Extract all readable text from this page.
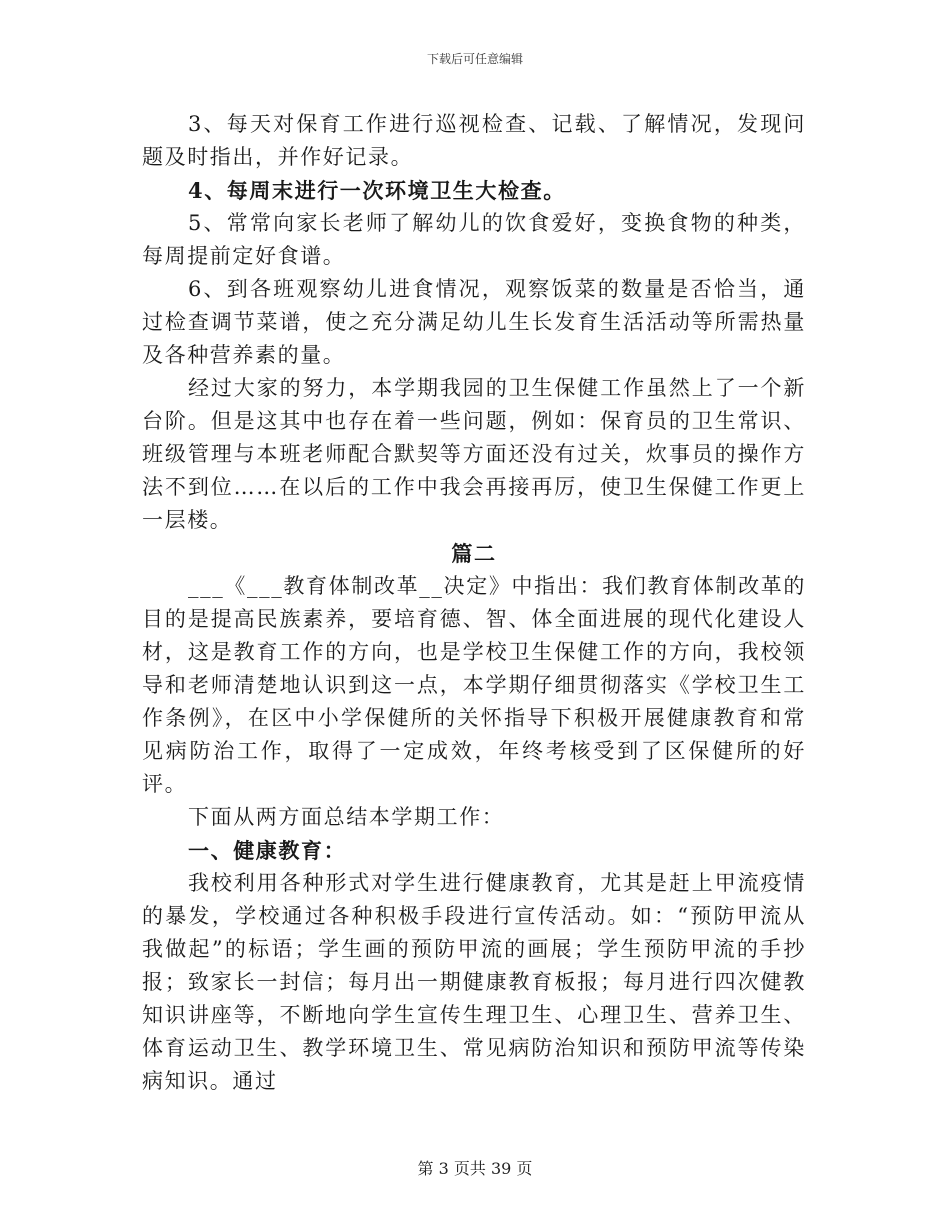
下载后可任意编辑

3、每天对保育工作进行巡视检查、记载、了解情况，发现问题及时指出，并作好记录。

4、每周末进行一次环境卫生大检查。

5、常常向家长老师了解幼儿的饮食爱好，变换食物的种类，每周提前定好食谱。

6、到各班观察幼儿进食情况，观察饭菜的数量是否恰当，通过检查调节菜谱，使之充分满足幼儿生长发育生活活动等所需热量及各种营养素的量。

经过大家的努力，本学期我园的卫生保健工作虽然上了一个新台阶。但是这其中也存在着一些问题，例如：保育员的卫生常识、班级管理与本班老师配合默契等方面还没有过关，炊事员的操作方法不到位……在以后的工作中我会再接再厉，使卫生保健工作更上一层楼。

篇二

___《___教育体制改革__决定》中指出：我们教育体制改革的目的是提高民族素养，要培育德、智、体全面进展的现代化建设人材，这是教育工作的方向，也是学校卫生保健工作的方向，我校领导和老师清楚地认识到这一点，本学期仔细贯彻落实《学校卫生工作条例》，在区中小学保健所的关怀指导下积极开展健康教育和常见病防治工作，取得了一定成效，年终考核受到了区保健所的好评。

下面从两方面总结本学期工作：

一、健康教育：

我校利用各种形式对学生进行健康教育，尤其是赶上甲流疫情的暴发，学校通过各种积极手段进行宣传活动。如：“预防甲流从我做起”的标语；学生画的预防甲流的画展；学生预防甲流的手抄报；致家长一封信；每月出一期健康教育板报；每月进行四次健教知识讲座等，不断地向学生宣传生理卫生、心理卫生、营养卫生、体育运动卫生、教学环境卫生、常见病防治知识和预防甲流等传染病知识。通过

第 3 页共 39 页
